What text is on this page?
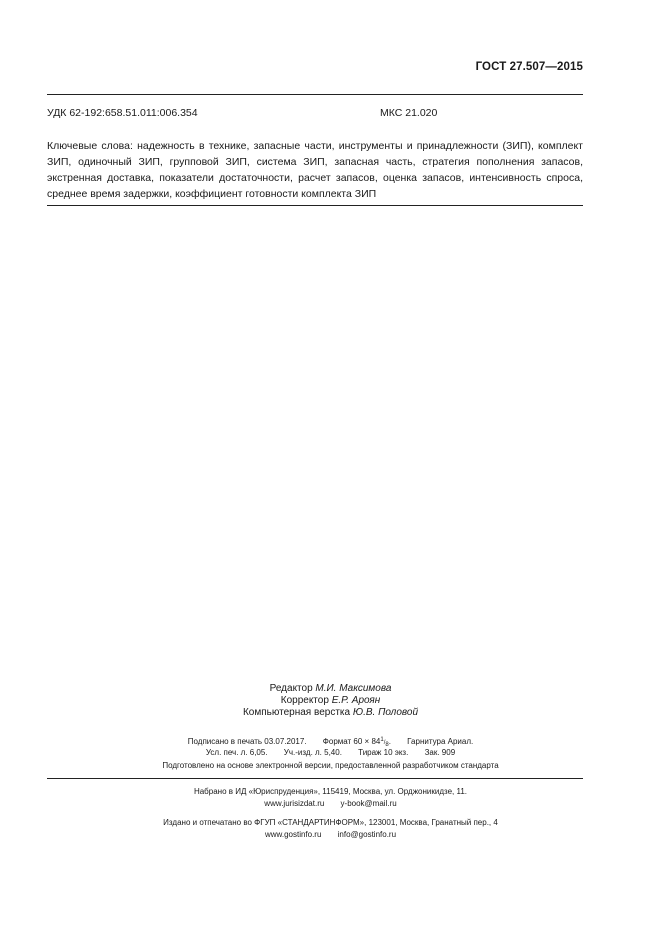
ГОСТ 27.507—2015
УДК 62-192:658.51.011:006.354	МКС 21.020
Ключевые слова: надежность в технике, запасные части, инструменты и принадлежности (ЗИП), комплект ЗИП, одиночный ЗИП, групповой ЗИП, система ЗИП, запасная часть, стратегия пополнения запасов, экстренная доставка, показатели достаточности, расчет запасов, оценка запасов, интенсивность спроса, среднее время задержки, коэффициент готовности комплекта ЗИП
Редактор М.И. Максимова
Корректор Е.Р. Ароян
Компьютерная верстка Ю.В. Половой
Подписано в печать 03.07.2017. Формат $60 \times 84^1/_8$. Гарнитура Ариал.
Усл. печ. л. 6,05. Уч.-изд. л. 5,40. Тираж 10 экз. Зак. 909
Подготовлено на основе электронной версии, предоставленной разработчиком стандарта
Набрано в ИД «Юриспруденция», 115419, Москва, ул. Орджоникидзе, 11.
www.jurisizdat.ru y-book@mail.ru
Издано и отпечатано во ФГУП «СТАНДАРТИНФОРМ», 123001, Москва, Гранатный пер., 4
www.gostinfo.ru info@gostinfo.ru
